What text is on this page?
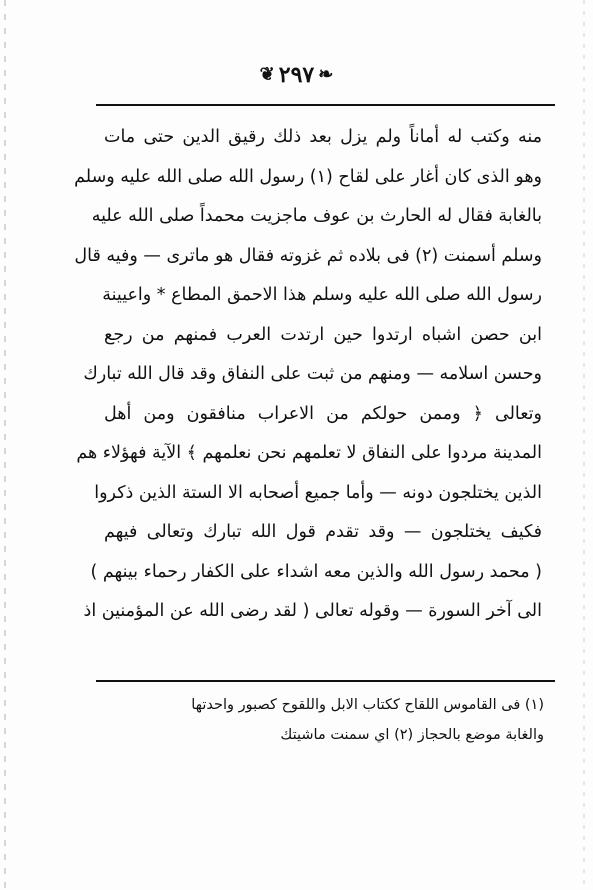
❦ ٢٩٧ ❧
منه وكتب له أماناً ولم يزل بعد ذلك رقيق الدين حتى مات
وهو الذى كان أغار على لقاح (١) رسول الله صلى الله عليه وسلم
بالغابة فقال له الحارث بن عوف ماجزيت محمداً صلى الله عليه
وسلم أسمنت (٢) فى بلاده ثم غزوته فقال هو ماترى — وفيه قال
رسول الله صلى الله عليه وسلم هذا الاحمق المطاع * واعيينة
ابن حصن اشباه ارتدوا حين ارتدت العرب فمنهم من رجع
وحسن اسلامه — ومنهم من ثبت على النفاق وقد قال الله تبارك
وتعالى ﴿ وممن حولكم من الاعراب منافقون ومن أهل
المدينة مردوا على النفاق لا تعلمهم نحن نعلمهم ﴾ الآية فهؤلاء هم
الذين يختلجون دونه — وأما جميع أصحابه الا الستة الذين ذكروا
فكيف يختلجون — وقد تقدم قول الله تبارك وتعالى فيهم
( محمد رسول الله والذين معه اشداء على الكفار رحماء بينهم )
الى آخر السورة — وقوله تعالى ( لقد رضى الله عن المؤمنين اذ
(١) فى القاموس اللقاح ككتاب الابل واللقوح كصبور واحدتها
والغابة موضع بالحجاز (٢) اي سمنت ماشيتك
